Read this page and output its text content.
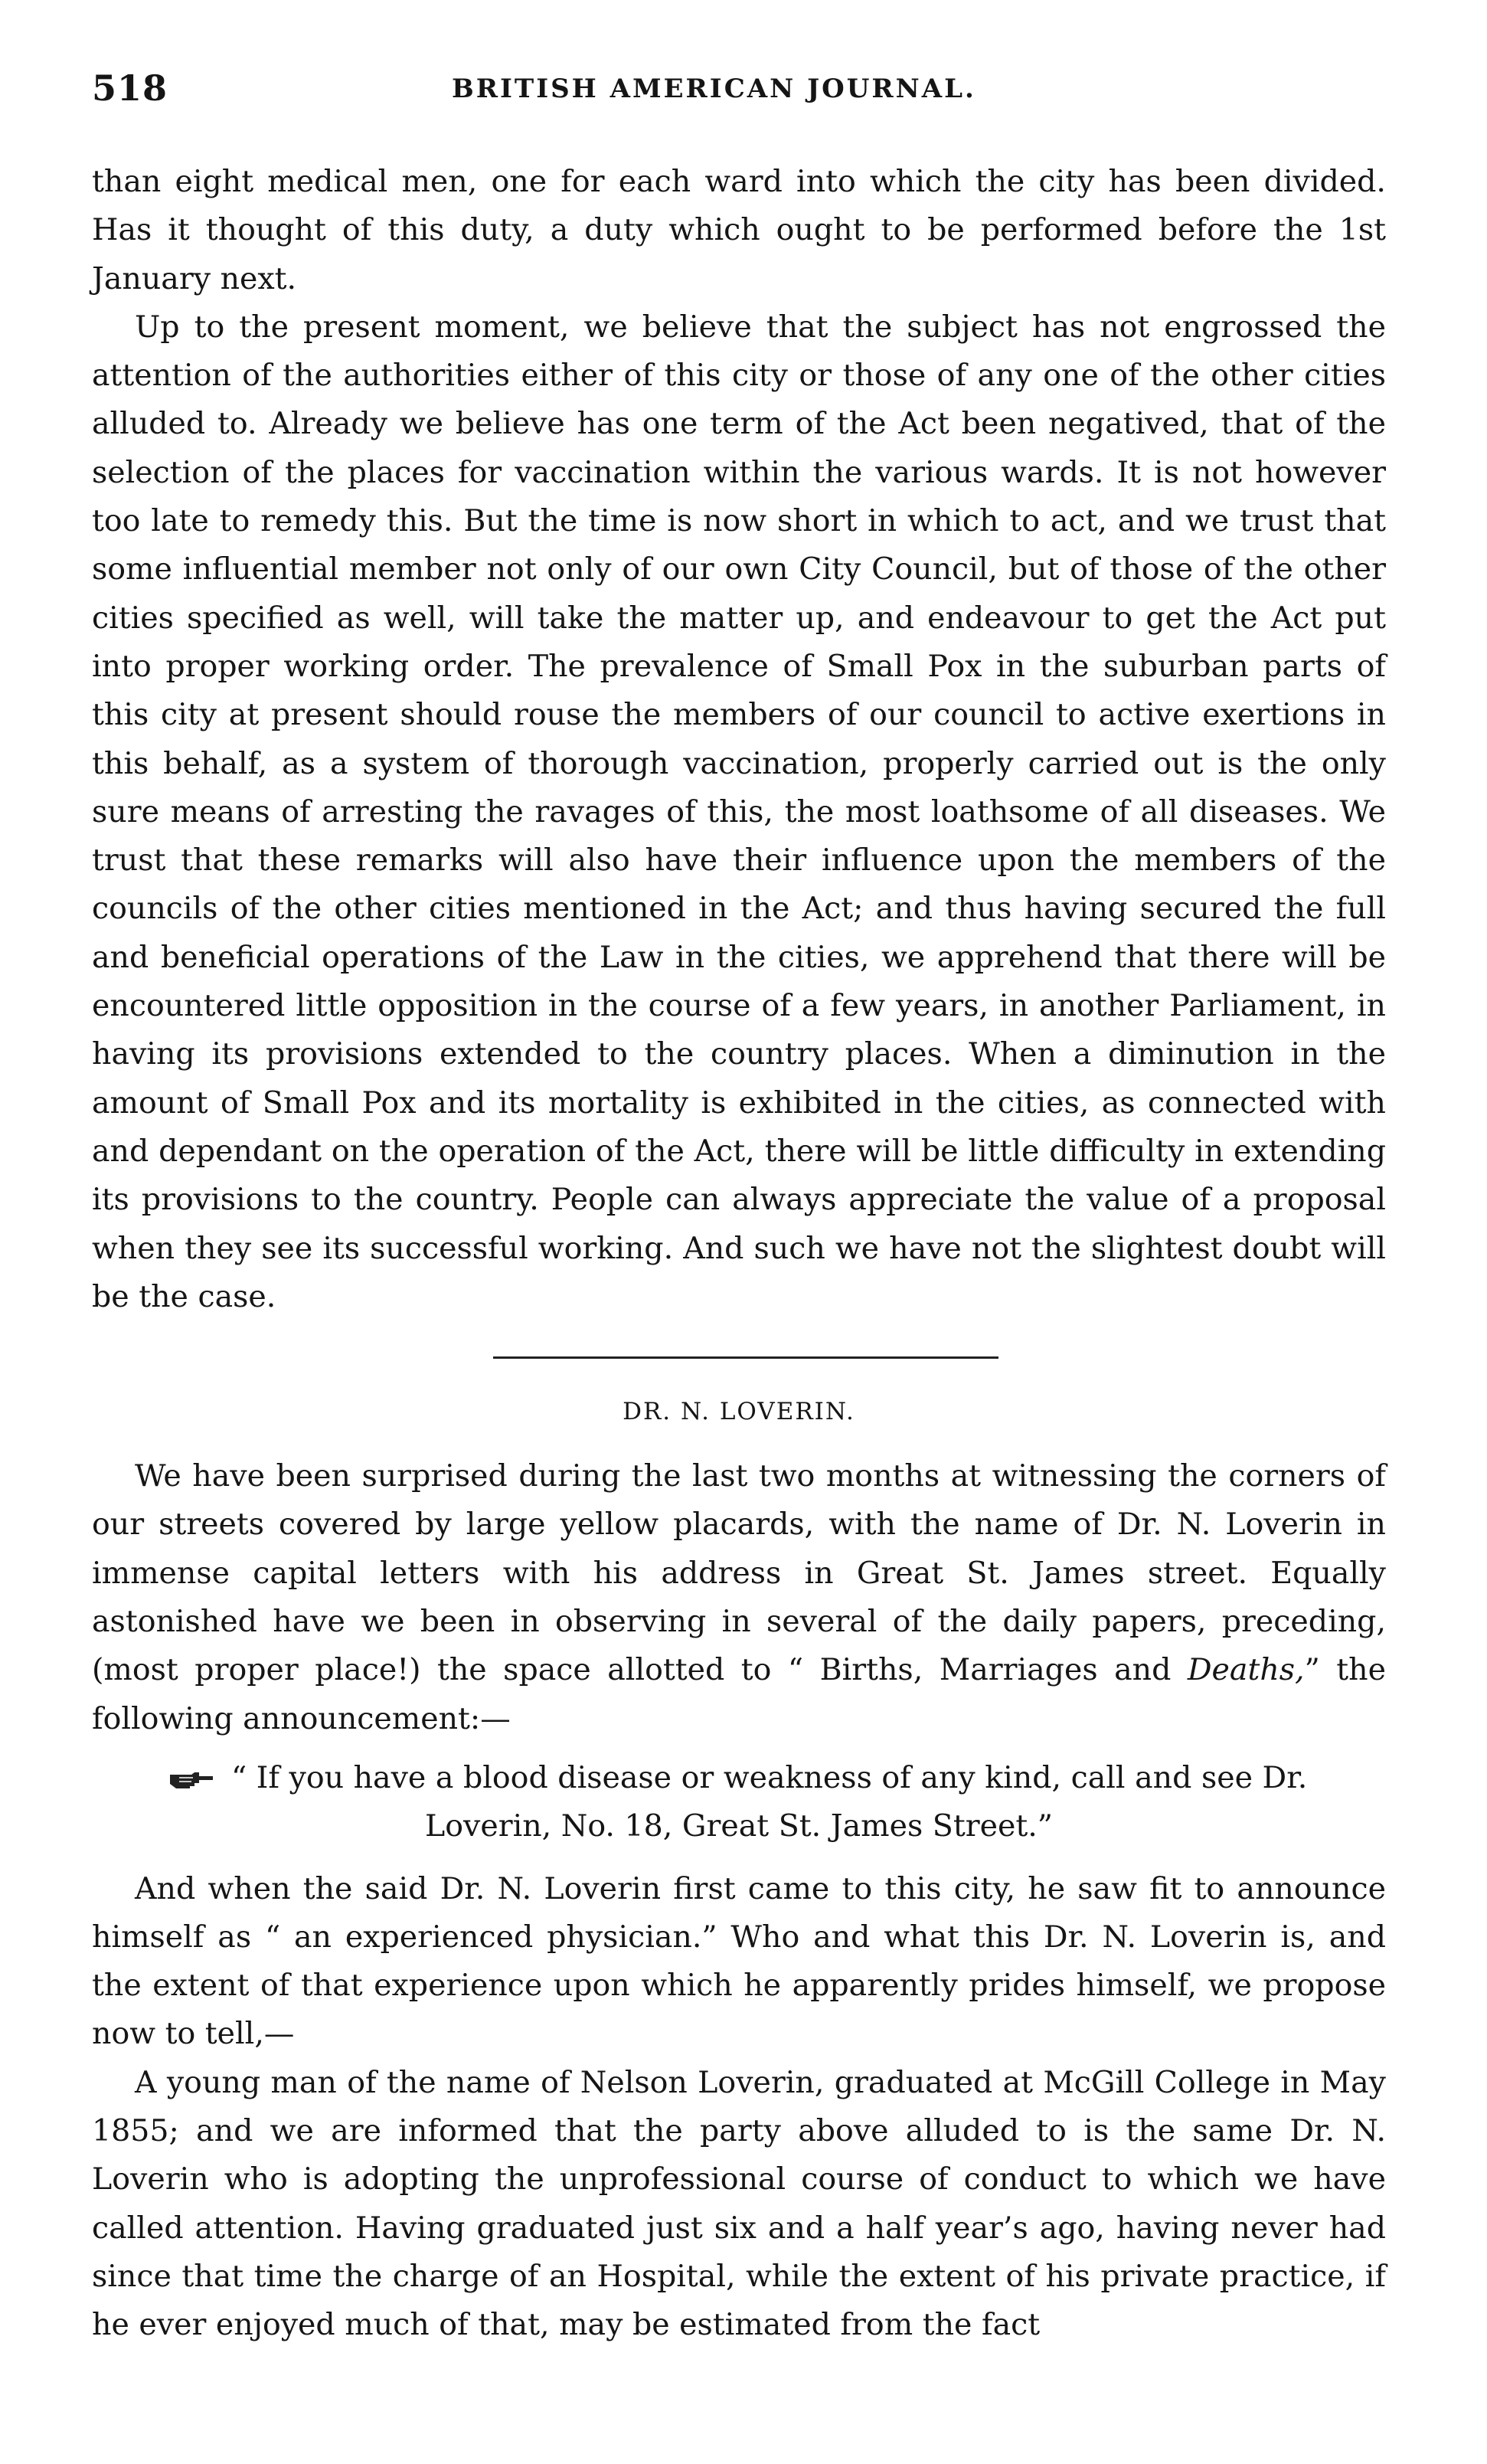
518	BRITISH AMERICAN JOURNAL.

than eight medical men, one for each ward into which the city has been divided. Has it thought of this duty, a duty which ought to be performed before the 1st January next.

Up to the present moment, we believe that the subject has not engrossed the attention of the authorities either of this city or those of any one of the other cities alluded to. Already we believe has one term of the Act been negatived, that of the selection of the places for vaccination within the various wards. It is not however too late to remedy this. But the time is now short in which to act, and we trust that some influential member not only of our own City Council, but of those of the other cities specified as well, will take the matter up, and endeavour to get the Act put into proper working order. The prevalence of Small Pox in the suburban parts of this city at present should rouse the members of our council to active exertions in this behalf, as a system of thorough vaccination, properly carried out is the only sure means of arresting the ravages of this, the most loathsome of all diseases. We trust that these remarks will also have their influence upon the members of the councils of the other cities mentioned in the Act; and thus having secured the full and beneficial operations of the Law in the cities, we apprehend that there will be encountered little opposition in the course of a few years, in another Parliament, in having its provisions extended to the country places. When a diminution in the amount of Small Pox and its mortality is exhibited in the cities, as connected with and dependant on the operation of the Act, there will be little difficulty in extending its provisions to the country. People can always appreciate the value of a proposal when they see its successful working. And such we have not the slightest doubt will be the case.

DR. N. LOVERIN.

We have been surprised during the last two months at witnessing the corners of our streets covered by large yellow placards, with the name of Dr. N. Loverin in immense capital letters with his address in Great St. James street. Equally astonished have we been in observing in several of the daily papers, preceding, (most proper place!) the space allotted to “ Births, Marriages and Deaths,” the following announcement:—

“ If you have a blood disease or weakness of any kind, call and see Dr.
Loverin, No. 18, Great St. James Street.”

And when the said Dr. N. Loverin first came to this city, he saw fit to announce himself as “ an experienced physician.” Who and what this Dr. N. Loverin is, and the extent of that experience upon which he apparently prides himself, we propose now to tell,—

A young man of the name of Nelson Loverin, graduated at McGill College in May 1855; and we are informed that the party above alluded to is the same Dr. N. Loverin who is adopting the unprofessional course of conduct to which we have called attention. Having graduated just six and a half year’s ago, having never had since that time the charge of an Hospital, while the extent of his private practice, if he ever enjoyed much of that, may be estimated from the fact
